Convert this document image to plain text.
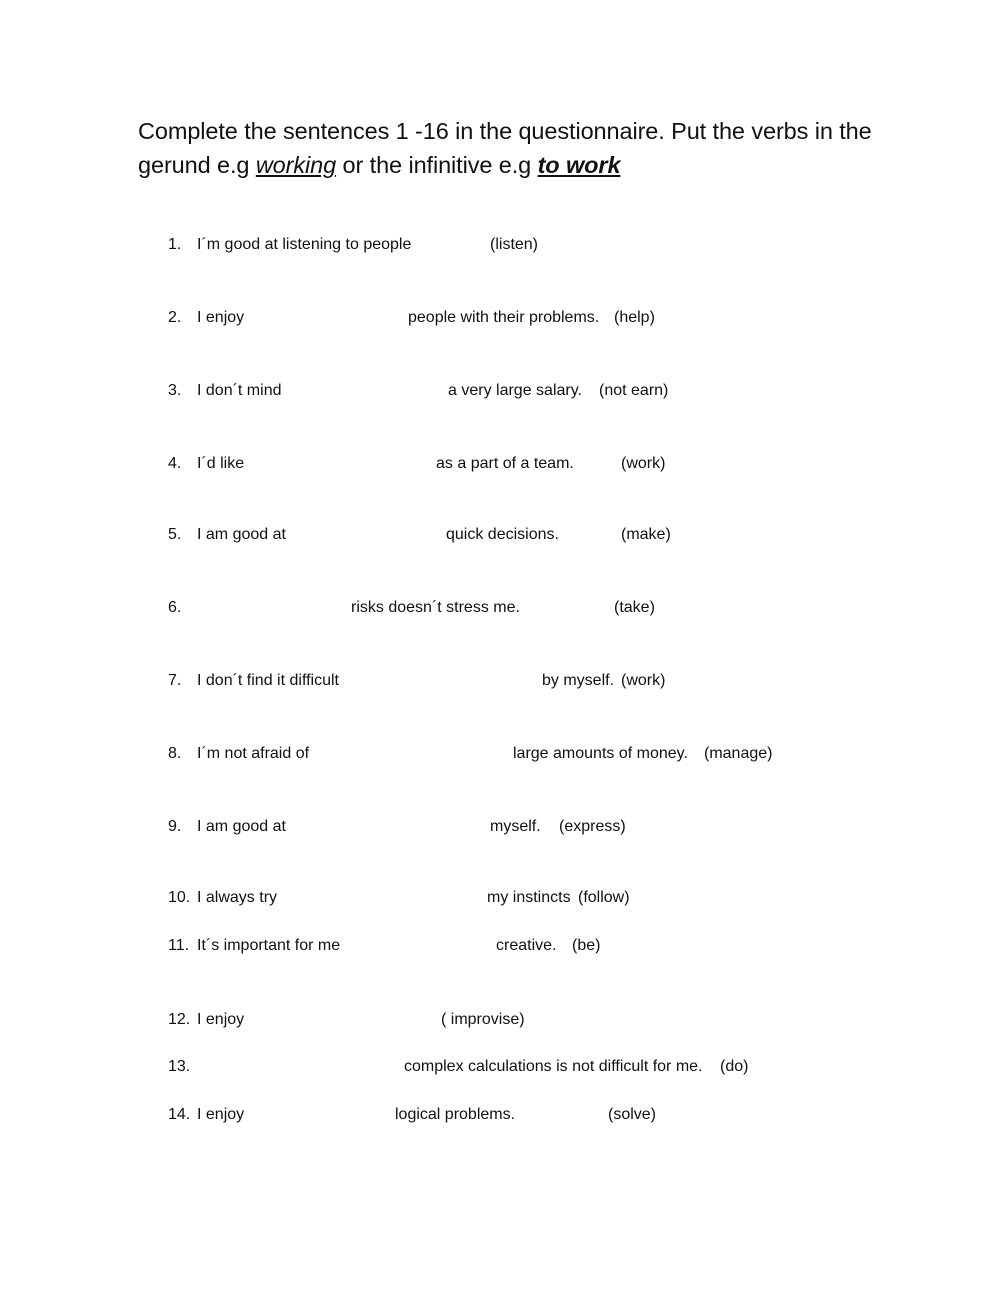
Complete the sentences 1 -16 in the questionnaire. Put the verbs in the gerund e.g working or the infinitive e.g to work
1. I´m good at listening to people	(listen)
2. I enjoy	people with their problems. (help)
3. I don´t mind	a very large salary. (not earn)
4. I´d like	as a part of a team.	(work)
5. I am good at	quick decisions.	(make)
6.	risks doesn´t stress me.	(take)
7. I don´t find it difficult	by myself. (work)
8. I´m not afraid of	large amounts of money. (manage)
9. I am good at	myself. (express)
10. I always try	my instincts (follow)
11. It´s important for me	creative. (be)
12. I enjoy	( improvise)
13.	complex calculations is not difficult for me. (do)
14. I enjoy	logical problems.	(solve)
